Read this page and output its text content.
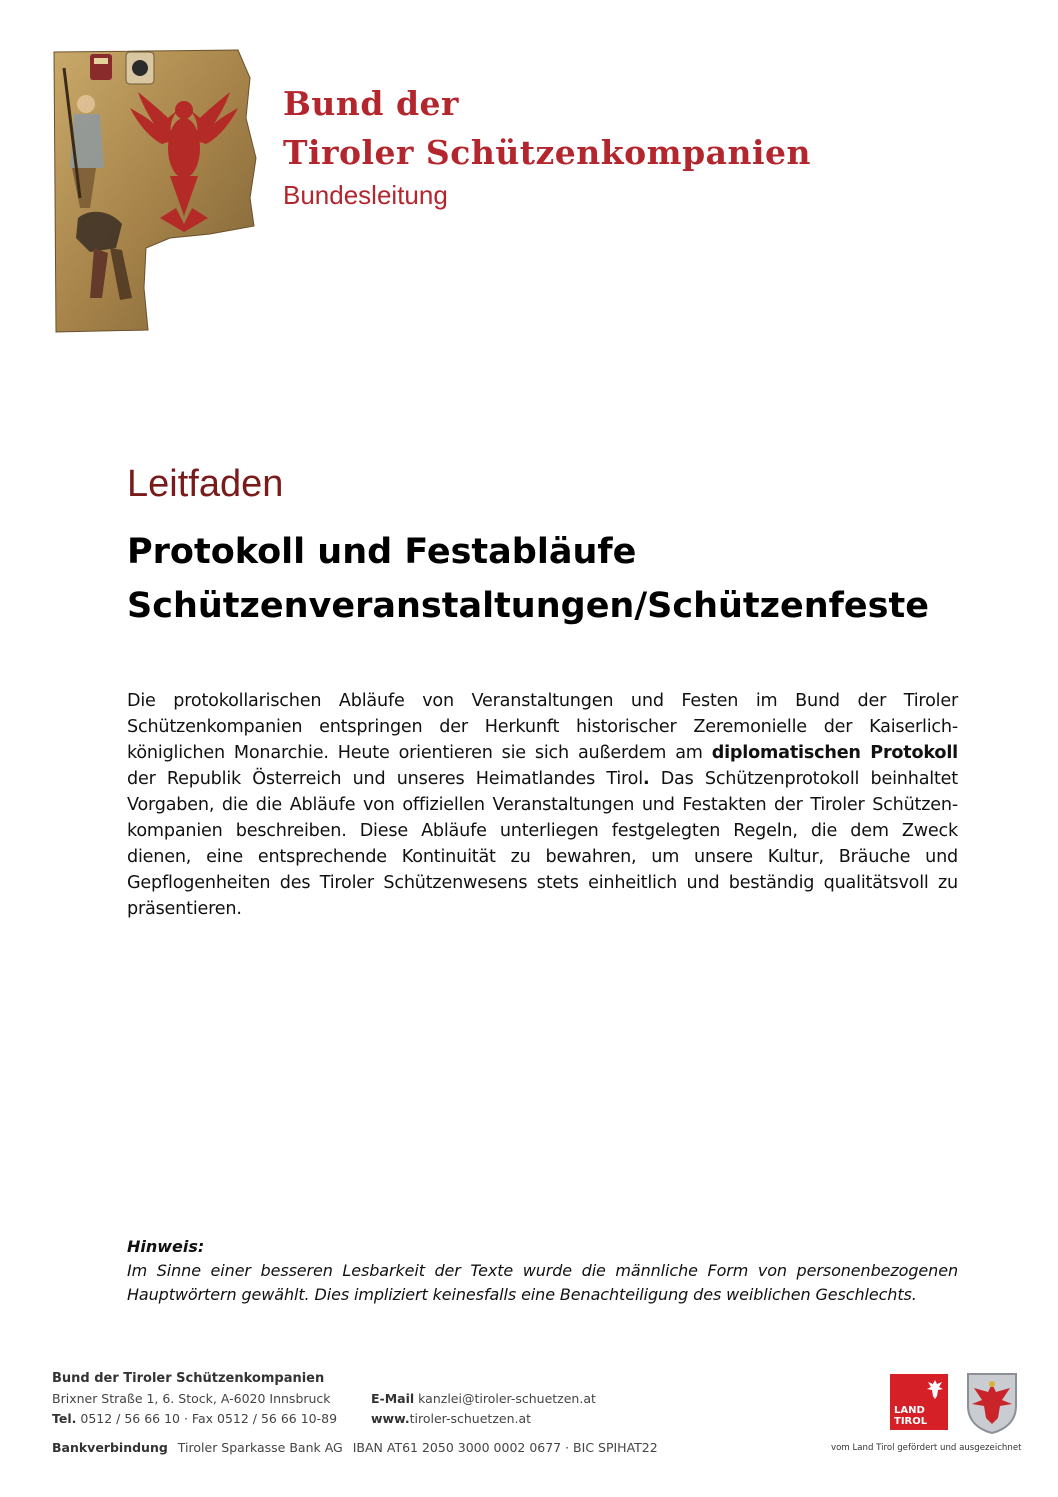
Bund der
Tiroler Schützenkompanien
Bundesleitung
Leitfaden
Protokoll und Festabläufe
Schützenveranstaltungen/Schützenfeste
Die protokollarischen Abläufe von Veranstaltungen und Festen im Bund der Tiroler Schützenkompanien entspringen der Herkunft historischer Zeremonielle der Kaiserlich-königlichen Monarchie. Heute orientieren sie sich außerdem am diplomatischen Protokoll der Republik Österreich und unseres Heimatlandes Tirol. Das Schützenprotokoll beinhaltet Vorgaben, die die Abläufe von offiziellen Veranstaltungen und Festakten der Tiroler Schützen-kompanien beschreiben. Diese Abläufe unterliegen festgelegten Regeln, die dem Zweck dienen, eine entsprechende Kontinuität zu bewahren, um unsere Kultur, Bräuche und Gepflogenheiten des Tiroler Schützenwesens stets einheitlich und beständig qualitätsvoll zu präsentieren.
Hinweis:
Im Sinne einer besseren Lesbarkeit der Texte wurde die männliche Form von personenbezogenen Hauptwörtern gewählt. Dies impliziert keinesfalls eine Benachteiligung des weiblichen Geschlechts.
Bund der Tiroler Schützenkompanien
Brixner Straße 1, 6. Stock, A-6020 Innsbruck
Tel. 0512 / 56 66 10 · Fax 0512 / 56 66 10-89
E-Mail kanzlei@tiroler-schuetzen.at
www.tiroler-schuetzen.at
Bankverbindung Tiroler Sparkasse Bank AG IBAN AT61 2050 3000 0002 0677 · BIC SPIHAT22
LAND
TIROL
vom Land Tirol gefördert und ausgezeichnet
